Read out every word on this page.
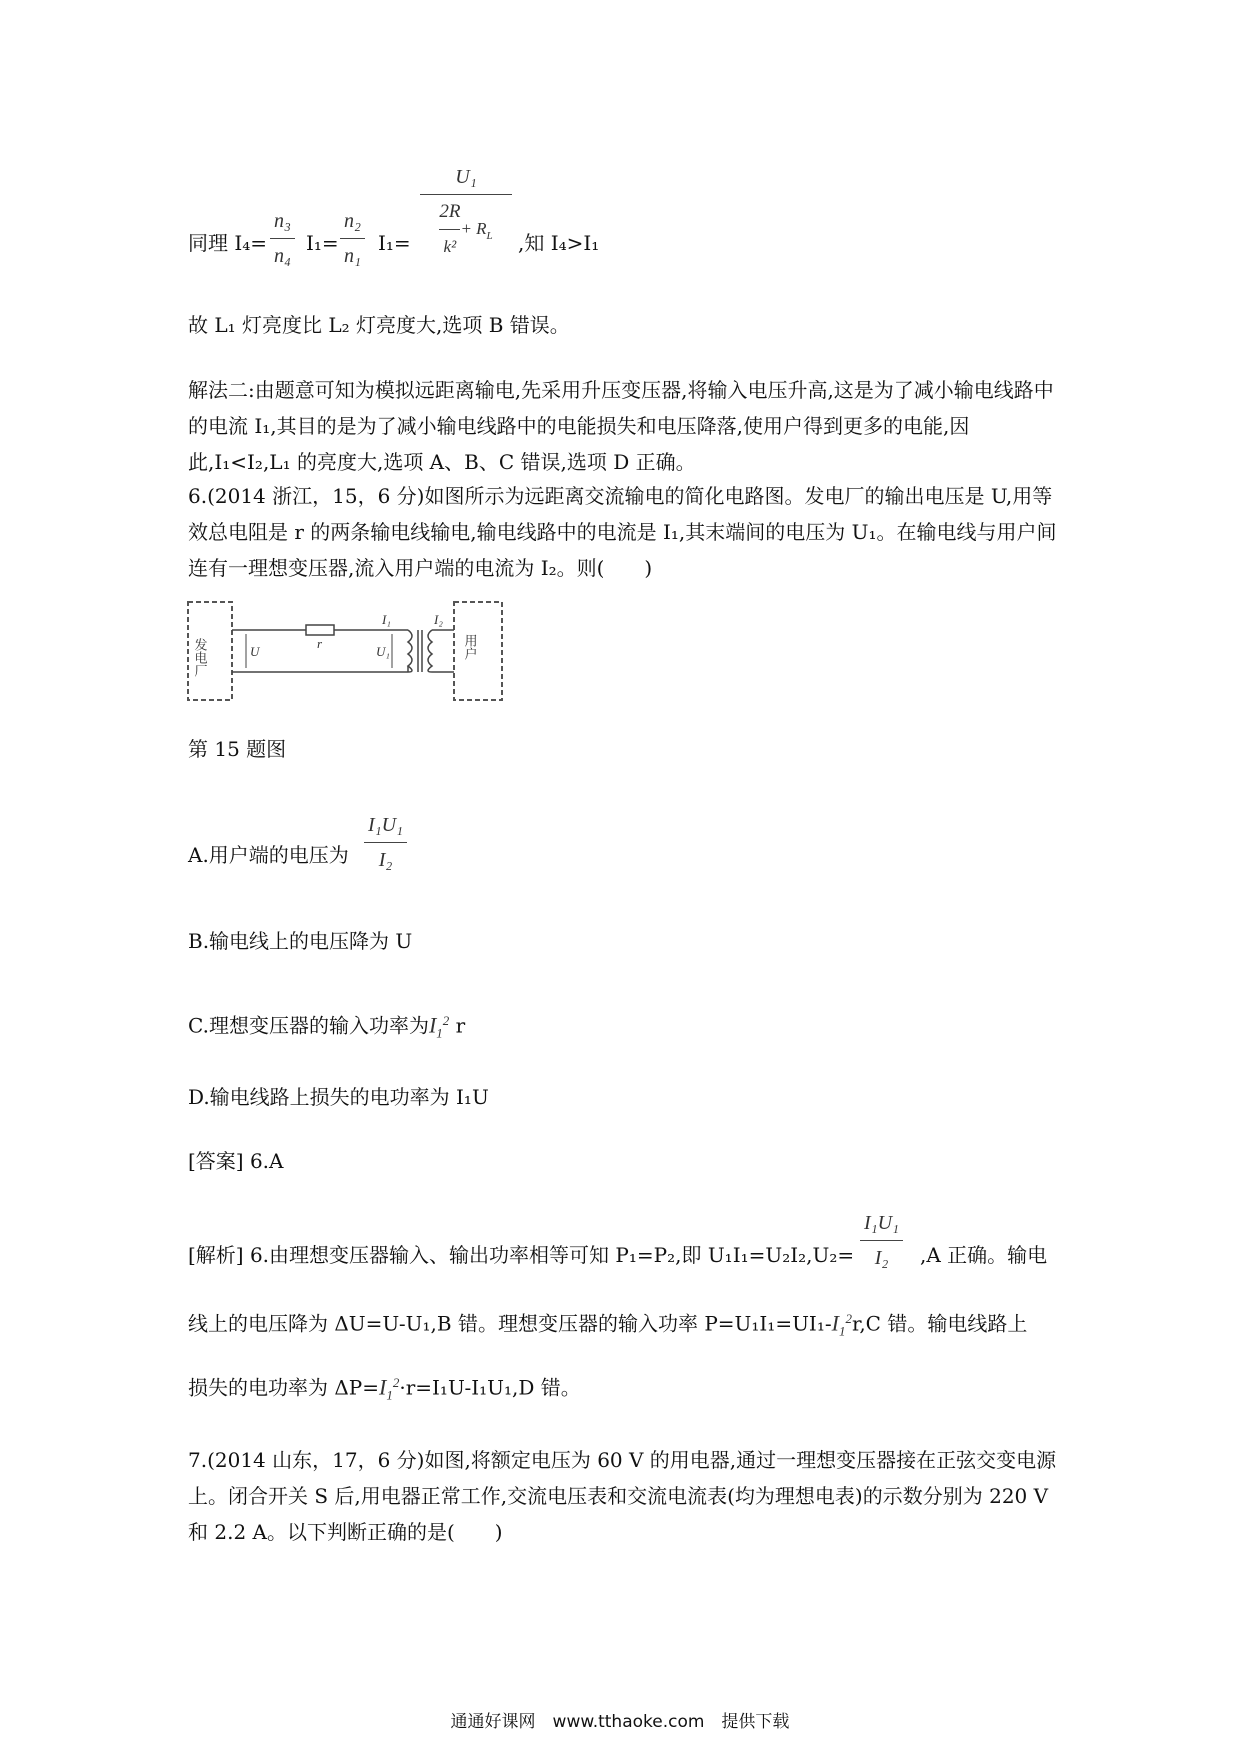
同理 $I_4= \frac{\text{n₃}}{\text{n₄}} I_1= \frac{\text{n₂}}{\text{n₁}} I_1= \frac{\text{U₁}}{\frac{2R}{\text{k²}} + R_L}$ ,知 I₄>I₁
故 L₁ 灯亮度比 L₂ 灯亮度大,选项 B 错误。
解法二:由题意可知为模拟远距离输电,先采用升压变压器,将输入电压升高,这是为了减小输电线路中的电流 I₁,其目的是为了减小输电线路中的电能损失和电压降落,使用户得到更多的电能,因此,I₁<I₂,L₁ 的亮度大,选项 A、B、C 错误,选项 D 正确。
6.(2014 浙江，15，6 分)如图所示为远距离交流输电的简化电路图。发电厂的输出电压是 U,用等效总电阻是 r 的两条输电线输电,输电线路中的电流是 I₁,其末端间的电压为 U₁。在输电线与用户间连有一理想变压器,流入用户端的电流为 I₂。则(　　)
发电厂	用户
r
U	U₁
I₁	I₂
第 15 题图
A.用户端的电压为 $\frac{\text{I₁U₁}}{\text{I₂}}$
B.输电线上的电压降为 U
C.理想变压器的输入功率为$I_1^2$ r
D.输电线路上损失的电功率为 I₁U
[答案] 6.A
[解析] 6.由理想变压器输入、输出功率相等可知 P₁=P₂,即 $U_1I_1=U_2I_2,U_2= \frac{\text{I₁U₁}}{\text{I₂}} ,A$ 正确。输电
线上的电压降为 ΔU=U-U₁,B 错。理想变压器的输入功率 $P=U_1I_1=UI_1-I_1^2r,C$ 错。输电线路上
损失的电功率为 $\Delta P=I_1^2\cdot r=I_1U-I_1U_1,D$ 错。
7.(2014 山东，17，6 分)如图,将额定电压为 60 V 的用电器,通过一理想变压器接在正弦交变电源上。闭合开关 S 后,用电器正常工作,交流电压表和交流电流表(均为理想电表)的示数分别为 220 V 和 2.2 A。以下判断正确的是(　　)
通通好课网　www.tthaoke.com　提供下载
